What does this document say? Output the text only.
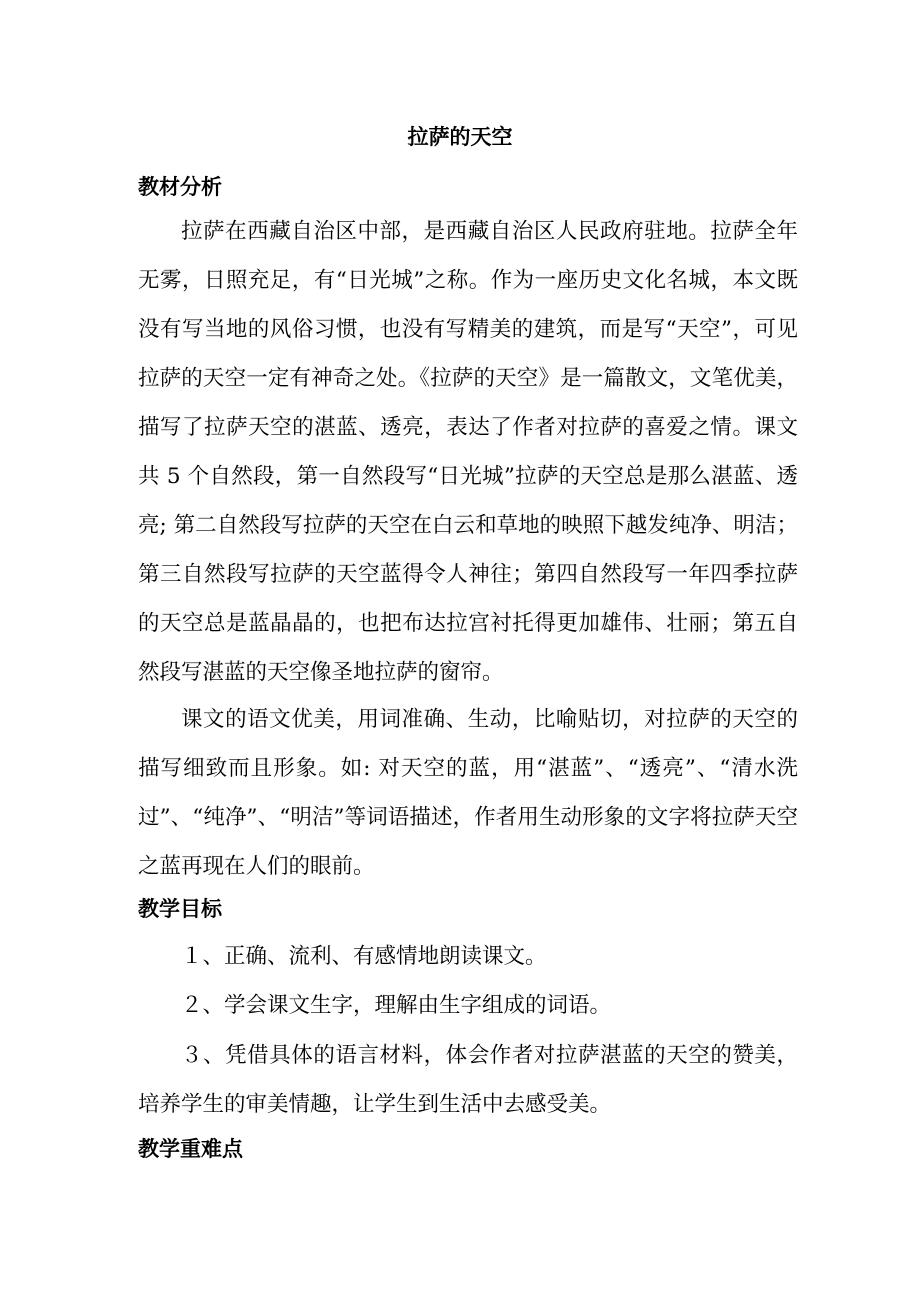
拉萨的天空
教材分析

拉萨在西藏自治区中部，是西藏自治区人民政府驻地。拉萨全年无雾，日照充足，有“日光城”之称。作为一座历史文化名城，本文既没有写当地的风俗习惯，也没有写精美的建筑，而是写“天空”，可见拉萨的天空一定有神奇之处。《拉萨的天空》是一篇散文，文笔优美，描写了拉萨天空的湛蓝、透亮，表达了作者对拉萨的喜爱之情。课文共 5 个自然段，第一自然段写“日光城”拉萨的天空总是那么湛蓝、透亮; 第二自然段写拉萨的天空在白云和草地的映照下越发纯净、明洁；第三自然段写拉萨的天空蓝得令人神往；第四自然段写一年四季拉萨的天空总是蓝晶晶的，也把布达拉宫衬托得更加雄伟、壮丽；第五自然段写湛蓝的天空像圣地拉萨的窗帘。

课文的语文优美，用词准确、生动，比喻贴切，对拉萨的天空的描写细致而且形象。如: 对天空的蓝，用“湛蓝”、“透亮”、“清水洗过”、“纯净”、“明洁”等词语描述，作者用生动形象的文字将拉萨天空之蓝再现在人们的眼前。

教学目标

１、正确、流利、有感情地朗读课文。

２、学会课文生字，理解由生字组成的词语。

３、凭借具体的语言材料，体会作者对拉萨湛蓝的天空的赞美，培养学生的审美情趣，让学生到生活中去感受美。

教学重难点
